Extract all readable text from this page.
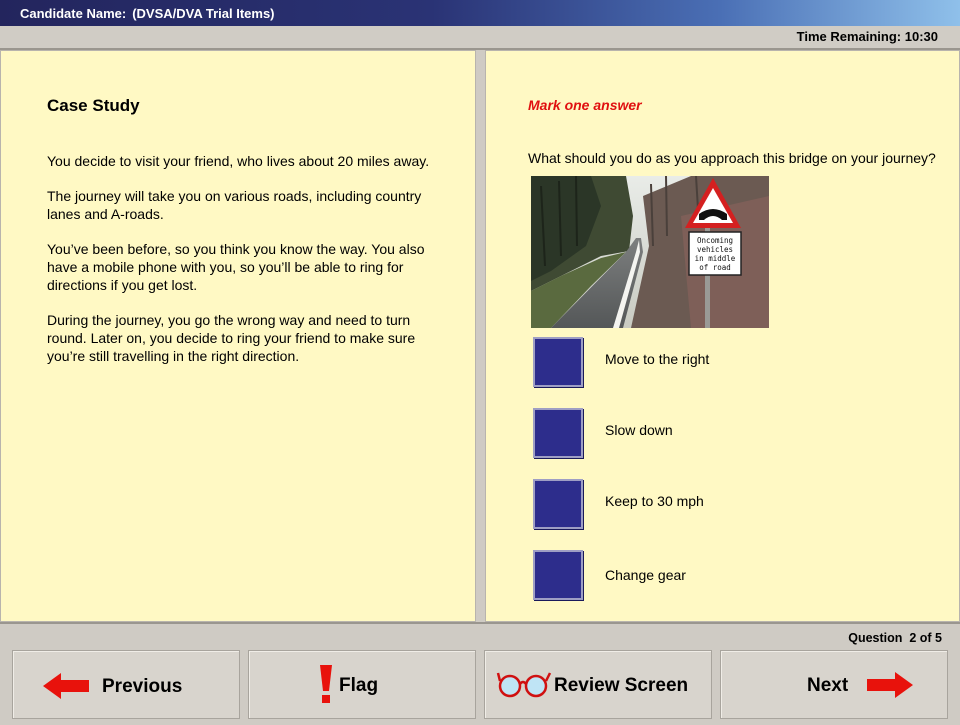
Candidate Name: (DVSA/DVA Trial Items)
Time Remaining: 10:30
Case Study

You decide to visit your friend, who lives about 20 miles away.

The journey will take you on various roads, including country lanes and A-roads.

You’ve been before, so you think you know the way. You also have a mobile phone with you, so you’ll be able to ring for directions if you get lost.

During the journey, you go the wrong way and need to turn round. Later on, you decide to ring your friend to make sure you’re still travelling in the right direction.

Mark one answer
What should you do as you approach this bridge on your journey?
Oncoming
vehicles
in middle
of road
Move to the right
Slow down
Keep to 30 mph
Change gear
Question  2 of 5
Previous	Flag	Review Screen	Next
